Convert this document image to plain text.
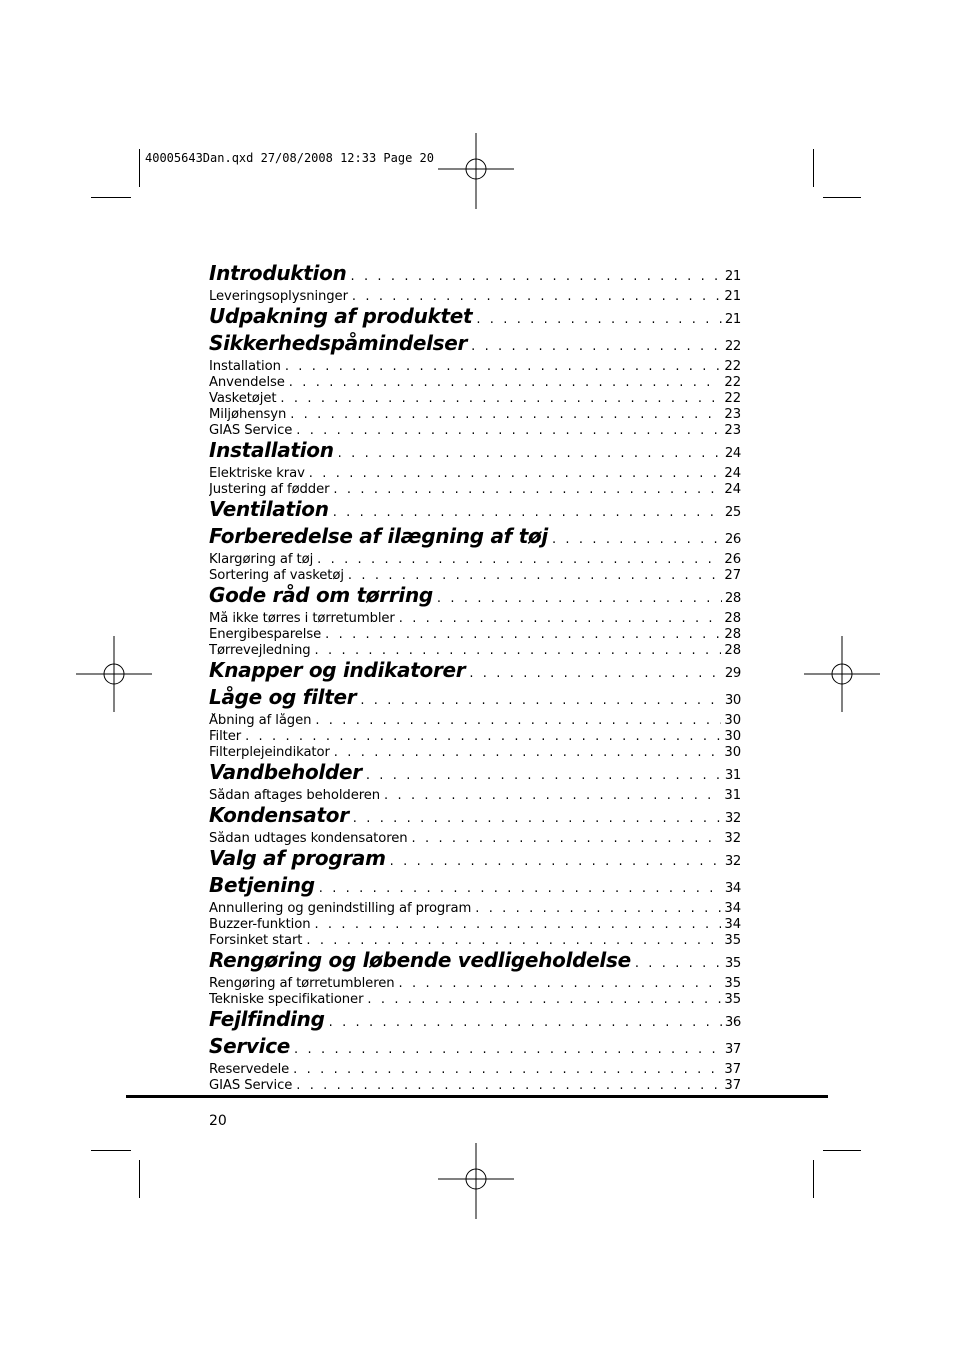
40005643Dan.qxd 27/08/2008 12:33 Page 20
Introduktion . . .	21
Leveringsoplysninger . . .	21
Udpakning af produktet . . .	21
Sikkerhedspåmindelser . . .	22
Installation . . .	22
Anvendelse . . .	22
Vasketøjet . . .	22
Miljøhensyn . . .	23
GIAS Service . . .	23
Installation . . .	24
Elektriske krav . . .	24
Justering af fødder . . .	24
Ventilation . . .	25
Forberedelse af ilægning af tøj . . .	26
Klargøring af tøj . . .	26
Sortering af vasketøj . . .	27
Gode råd om tørring . . .	28
Må ikke tørres i tørretumbler . . .	28
Energibesparelse . . .	28
Tørrevejledning . . .	28
Knapper og indikatorer . . .	29
Låge og filter . . .	30
Åbning af lågen . . .	30
Filter . . .	30
Filterplejeindikator . . .	30
Vandbeholder . . .	31
Sådan aftages beholderen . . .	31
Kondensator . . .	32
Sådan udtages kondensatoren . . .	32
Valg af program . . .	32
Betjening . . .	34
Annullering og genindstilling af program . . .	34
Buzzer-funktion . . .	34
Forsinket start . . .	35
Rengøring og løbende vedligeholdelse . . .	35
Rengøring af tørretumbleren . . .	35
Tekniske specifikationer . . .	35
Fejlfinding . . .	36
Service . . .	37
Reservedele . . .	37
GIAS Service . . .	37
20
